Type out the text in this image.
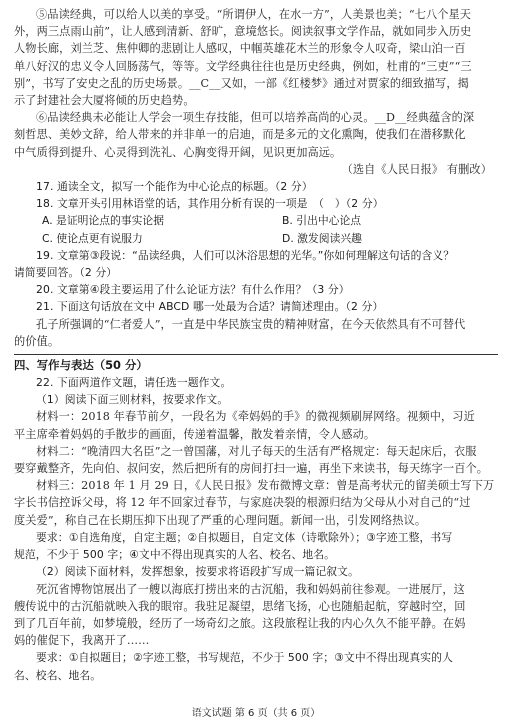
⑤品读经典，可以给人以美的享受。“所谓伊人，在水一方”，人美景也美；“七八个星天

外，两三点雨山前”，让人感到清新、舒旷，意境悠长。阅读叙事文学作品，就如同步入历史

人物长廊，刘兰芝、焦仲卿的悲剧让人感叹，中帼英雄花木兰的形象令人叹奇，梁山泊一百

单八好汉的忠义令人回肠荡气，等等。文学经典往往也是历史经典，例如，杜甫的“三吏”“三

别”，书写了安史之乱的历史场景。__C__又如，一部《红楼梦》通过对贾家的细致描写，揭

示了封建社会大厦将倾的历史趋势。

⑥品读经典未必能让人学会一项生存技能，但可以培养高尚的心灵。__D__经典蕴含的深

刻哲思、美妙文辞，给人带来的并非单一的启迪，而是多元的文化熏陶，使我们在潜移默化

中气质得到提升、心灵得到洗礼、心胸变得开阔，见识更加高远。

（选自《人民日报》 有删改）

17. 通读全文，拟写一个能作为中心论点的标题。（2 分）

18. 文章开头引用林语堂的话，其作用分析有误的一项是　（　）（2 分）

A. 是证明论点的事实论据	B. 引出中心论点
C. 使论点更有说服力	D. 激发阅读兴趣

19. 文章第③段说：“品读经典，人们可以沐浴思想的光华。”你如何理解这句话的含义？

请简要回答。（2 分）

20. 文章第④段主要运用了什么论证方法？有什么作用？（3 分）

21. 下面这句话放在文中 ABCD 哪一处最为合适？请简述理由。（2 分）

孔子所强调的“仁者爱人”，一直是中华民族宝贵的精神财富，在今天依然具有不可替代

的价值。

四、写作与表达（50 分）

22. 下面两道作文题，请任选一题作文。

（1）阅读下面三则材料，按要求作文。

材料一：2018 年春节前夕，一段名为《牵妈妈的手》的微视频刷屏网络。视频中，习近

平主席牵着妈妈的手散步的画面，传递着温馨，散发着亲情，令人感动。

材料二：“晚清四大名臣”之一曾国藩，对儿子每天的生活有严格规定：每天起床后，衣服

要穿戴整齐，先向伯、叔问安，然后把所有的房间打扫一遍，再坐下来读书，每天练字一百个。

材料三：2018 年 1 月 29 日，《人民日报》发布微博文章：曾是高考状元的留美硕士写下万

字长书信控诉父母，将 12 年不回家过春节，与家庭决裂的根源归结为父母从小对自己的“过

度关爱”，称自己在长期压抑下出现了严重的心理问题。新闻一出，引发网络热议。

要求：①自选角度，自定主题；②自拟题目，自定文体（诗歌除外）；③字迹工整，书写

规范，不少于 500 字；④文中不得出现真实的人名、校名、地名。

（2）阅读下面材料，发挥想象，按要求将语段扩写成一篇记叙文。

死沉省博物馆展出了一艘以海底打捞出来的古沉船，我和妈妈前往参观。一进展厅，这

艘传说中的古沉船就映入我的眼帘。我驻足凝望，思绪飞扬，心也随船起航，穿越时空，回

到了几百年前，如梦境般，经历了一场奇幻之旅。这段旅程让我的内心久久不能平静。在妈

妈的催促下，我离开了……

要求：①自拟题目；②字迹工整，书写规范，不少于 500 字；③文中不得出现真实的人

名、校名、地名。

语文试题 第 6 页（共 6 页）
